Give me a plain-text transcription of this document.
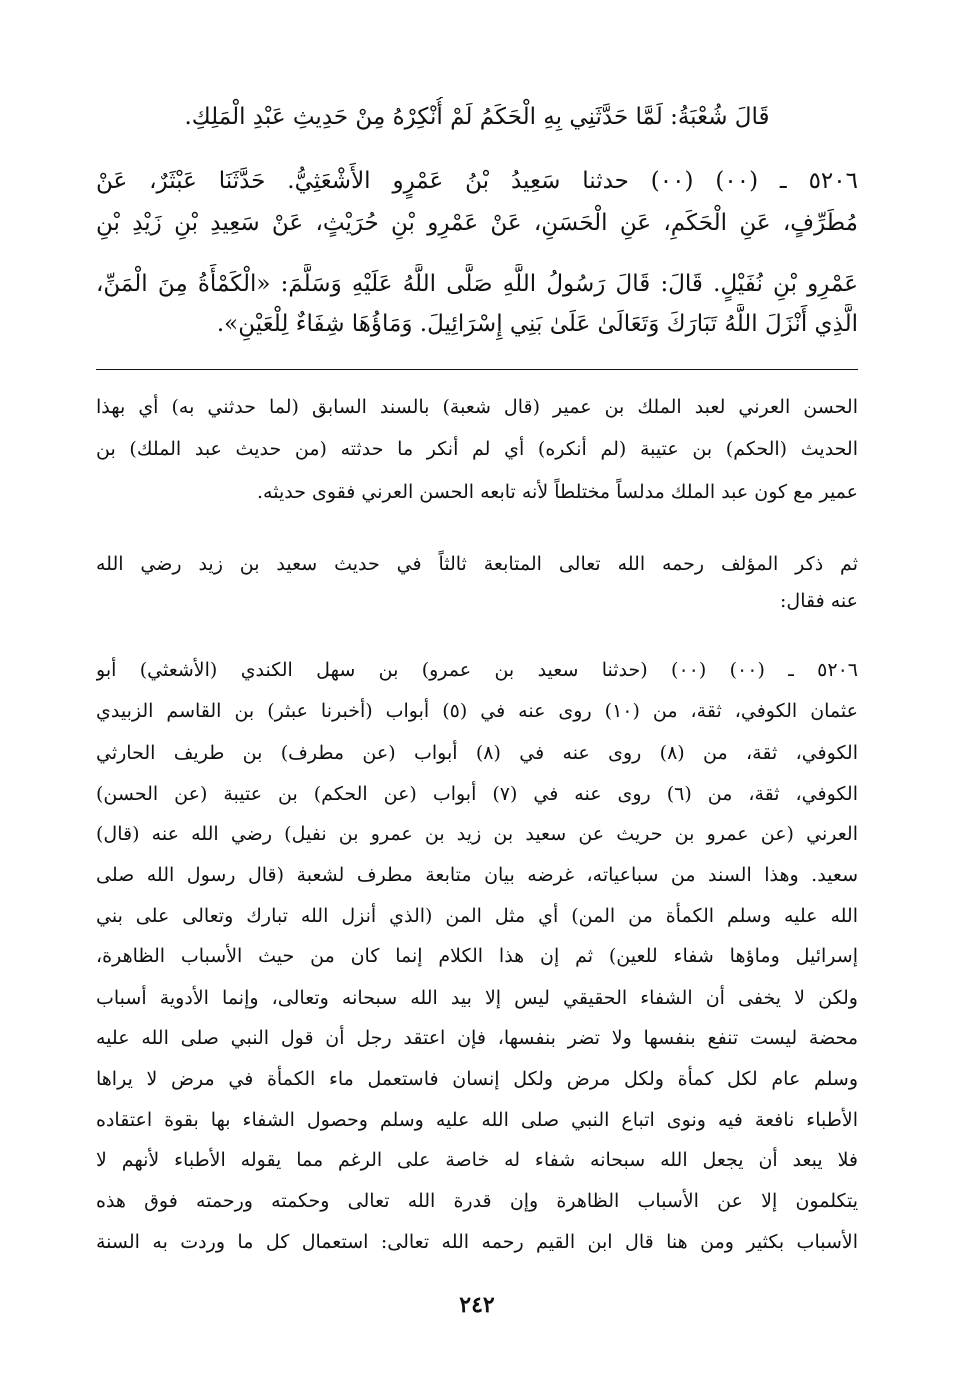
قَالَ شُعْبَةُ: لَمَّا حَدَّثَنِي بِهِ الْحَكَمُ لَمْ أُنْكِرْهُ مِنْ حَدِيثِ عَبْدِ الْمَلِكِ.

٥٢٠٦ ـ (٠٠) (٠٠) حدثنا سَعِيدُ بْنُ عَمْرٍو الأَشْعَثِيُّ. حَدَّثَنَا عَبْثَرٌ، عَنْ

مُطَرِّفٍ، عَنِ الْحَكَمِ، عَنِ الْحَسَنِ، عَنْ عَمْرِو بْنِ حُرَيْثٍ، عَنْ سَعِيدِ بْنِ زَيْدِ بْنِ

عَمْرِو بْنِ نُفَيْلٍ. قَالَ: قَالَ رَسُولُ اللَّهِ صَلَّى اللَّهُ عَلَيْهِ وَسَلَّمَ: «الْكَمْأَةُ مِنَ الْمَنِّ،

الَّذِي أَنْزَلَ اللَّهُ تَبَارَكَ وَتَعَالَىٰ عَلَىٰ بَنِي إِسْرَائِيلَ. وَمَاؤُهَا شِفَاءٌ لِلْعَيْنِ».

الحسن العرني لعبد الملك بن عمير (قال شعبة) بالسند السابق (لما حدثني به) أي بهذا

الحديث (الحكم) بن عتيبة (لم أنكره) أي لم أنكر ما حدثته (من حديث عبد الملك) بن

عمير مع كون عبد الملك مدلساً مختلطاً لأنه تابعه الحسن العرني فقوى حديثه.

ثم ذكر المؤلف رحمه الله تعالى المتابعة ثالثاً في حديث سعيد بن زيد رضي الله

عنه فقال:

٥٢٠٦ ـ (٠٠) (٠٠) (حدثنا سعيد بن عمرو) بن سهل الكندي (الأشعثي) أبو

عثمان الكوفي، ثقة، من (١٠) روى عنه في (٥) أبواب (أخبرنا عبثر) بن القاسم الزبيدي

الكوفي، ثقة، من (٨) روى عنه في (٨) أبواب (عن مطرف) بن طريف الحارثي

الكوفي، ثقة، من (٦) روى عنه في (٧) أبواب (عن الحكم) بن عتيبة (عن الحسن)

العرني (عن عمرو بن حريث عن سعيد بن زيد بن عمرو بن نفيل) رضي الله عنه (قال)

سعيد. وهذا السند من سباعياته، غرضه بيان متابعة مطرف لشعبة (قال رسول الله صلى

الله عليه وسلم الكمأة من المن) أي مثل المن (الذي أنزل الله تبارك وتعالى على بني

إسرائيل وماؤها شفاء للعين) ثم إن هذا الكلام إنما كان من حيث الأسباب الظاهرة،

ولكن لا يخفى أن الشفاء الحقيقي ليس إلا بيد الله سبحانه وتعالى، وإنما الأدوية أسباب

محضة ليست تنفع بنفسها ولا تضر بنفسها، فإن اعتقد رجل أن قول النبي صلى الله عليه

وسلم عام لكل كمأة ولكل مرض ولكل إنسان فاستعمل ماء الكمأة في مرض لا يراها

الأطباء نافعة فيه ونوى اتباع النبي صلى الله عليه وسلم وحصول الشفاء بها بقوة اعتقاده

فلا يبعد أن يجعل الله سبحانه شفاء له خاصة على الرغم مما يقوله الأطباء لأنهم لا

يتكلمون إلا عن الأسباب الظاهرة وإن قدرة الله تعالى وحكمته ورحمته فوق هذه

الأسباب بكثير ومن هنا قال ابن القيم رحمه الله تعالى: استعمال كل ما وردت به السنة

٢٤٢
